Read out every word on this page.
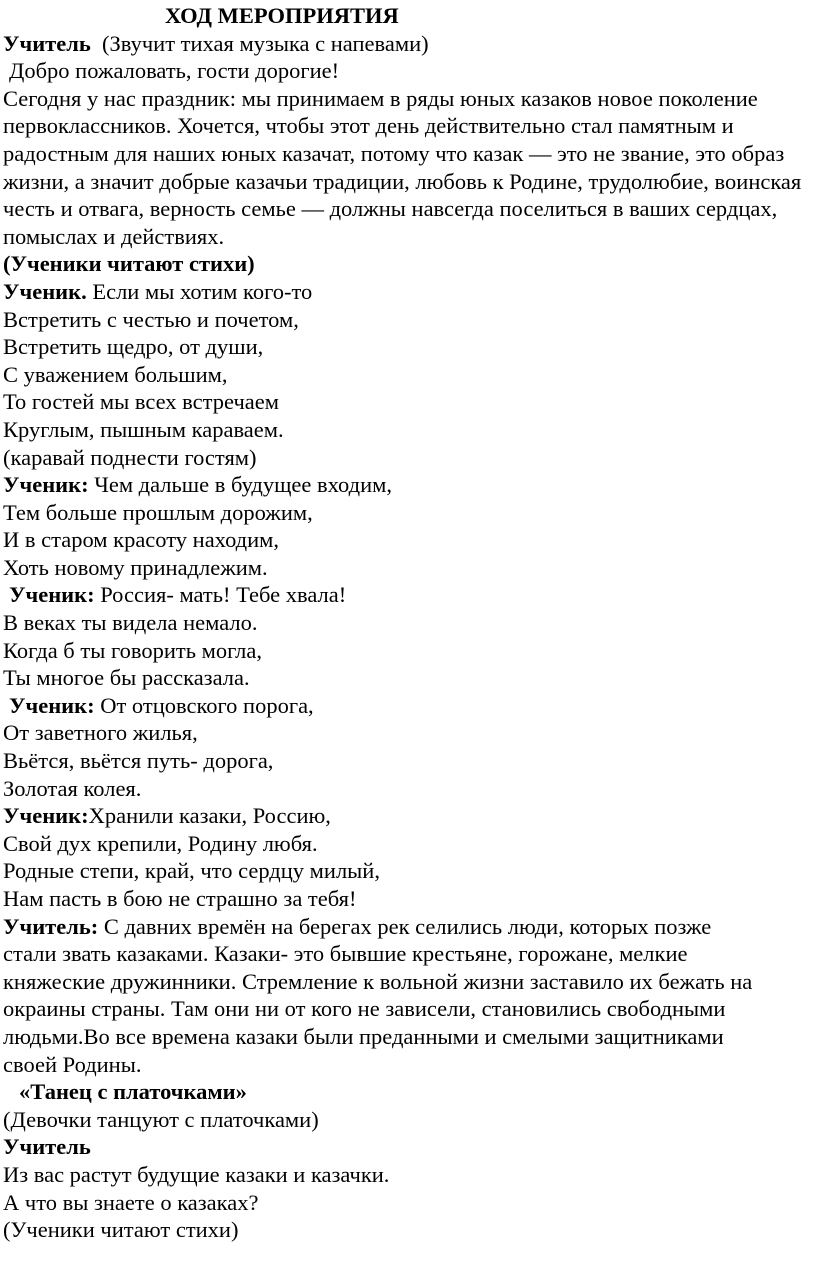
ХОД МЕРОПРИЯТИЯ
Учитель  (Звучит тихая музыка с напевами)
Добро пожаловать, гости дорогие!
Сегодня у нас праздник: мы принимаем в ряды юных казаков новое поколение первоклассников. Хочется, чтобы этот день действительно стал памятным и радостным для наших юных казачат, потому что казак — это не звание, это образ жизни, а значит добрые казачьи традиции, любовь к Родине, трудолюбие, воинская честь и отвага, верность семье — должны навсегда поселиться в ваших сердцах, помыслах и действиях.
(Ученики читают стихи)
Ученик. Если мы хотим кого-то
Встретить с честью и почетом,
Встретить щедро, от души,
С уважением большим,
То гостей мы всех встречаем
Круглым, пышным караваем.
(каравай поднести гостям)
Ученик: Чем дальше в будущее входим,
Тем больше прошлым дорожим,
И в старом красоту находим,
Хоть новому принадлежим.
Ученик: Россия- мать! Тебе хвала!
В веках ты видела немало.
Когда б ты говорить могла,
Ты многое бы рассказала.
Ученик: От отцовского порога,
От заветного жилья,
Вьётся, вьётся путь- дорога,
Золотая колея.
Ученик:Хранили казаки, Россию,
Свой дух крепили, Родину любя.
Родные степи, край, что сердцу милый,
Нам пасть в бою не страшно за тебя!
Учитель: С давних времён на берегах рек селились люди, которых позже
стали звать казаками. Казаки- это бывшие крестьяне, горожане, мелкие
княжеские дружинники. Стремление к вольной жизни заставило их бежать на
окраины страны. Там они ни от кого не зависели, становились свободными
людьми.Во все времена казаки были преданными и смелыми защитниками
своей Родины.
«Танец с платочками»
(Девочки танцуют с платочками)
Учитель
Из вас растут будущие казаки и казачки.
А что вы знаете о казаках?
(Ученики читают стихи)
